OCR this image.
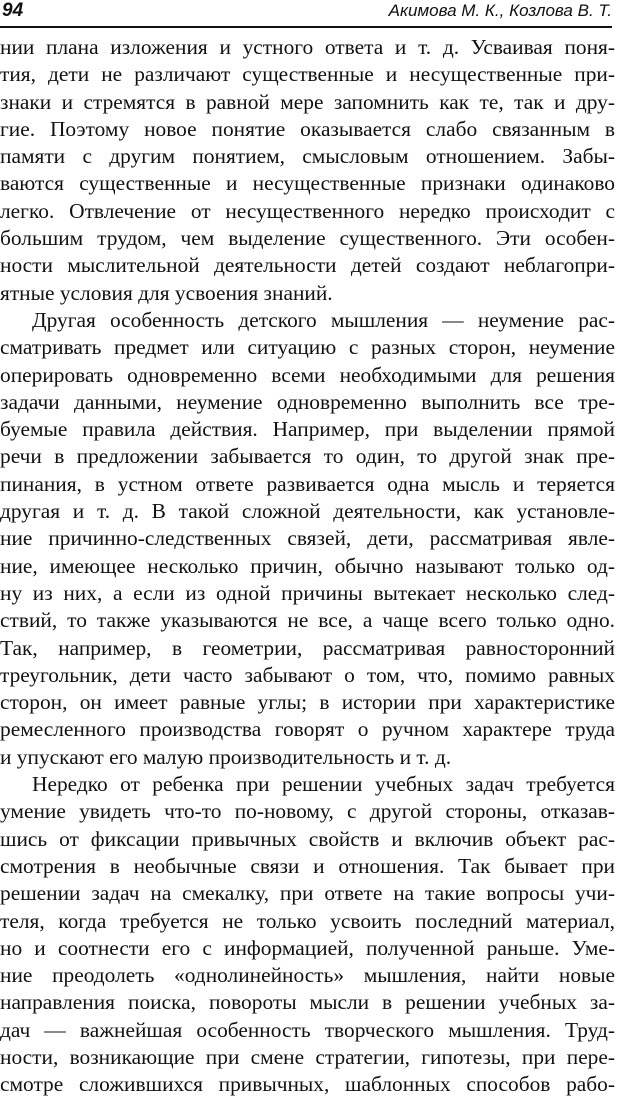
94	Акимова М. К., Козлова В. Т.
нии плана изложения и устного ответа и т. д. Усваивая поня-
тия, дети не различают существенные и несущественные при-
знаки и стремятся в равной мере запомнить как те, так и дру-
гие. Поэтому новое понятие оказывается слабо связанным в
памяти с другим понятием, смысловым отношением. Забы-
ваются существенные и несущественные признаки одинаково
легко. Отвлечение от несущественного нередко происходит с
большим трудом, чем выделение существенного. Эти особен-
ности мыслительной деятельности детей создают неблагопри-
ятные условия для усвоения знаний.
Другая особенность детского мышления — неумение рас-
сматривать предмет или ситуацию с разных сторон, неумение
оперировать одновременно всеми необходимыми для решения
задачи данными, неумение одновременно выполнить все тре-
буемые правила действия. Например, при выделении прямой
речи в предложении забывается то один, то другой знак пре-
пинания, в устном ответе развивается одна мысль и теряется
другая и т. д. В такой сложной деятельности, как установле-
ние причинно-следственных связей, дети, рассматривая явле-
ние, имеющее несколько причин, обычно называют только од-
ну из них, а если из одной причины вытекает несколько след-
ствий, то также указываются не все, а чаще всего только одно.
Так, например, в геометрии, рассматривая равносторонний
треугольник, дети часто забывают о том, что, помимо равных
сторон, он имеет равные углы; в истории при характеристике
ремесленного производства говорят о ручном характере труда
и упускают его малую производительность и т. д.
Нередко от ребенка при решении учебных задач требуется
умение увидеть что-то по-новому, с другой стороны, отказав-
шись от фиксации привычных свойств и включив объект рас-
смотрения в необычные связи и отношения. Так бывает при
решении задач на смекалку, при ответе на такие вопросы учи-
теля, когда требуется не только усвоить последний материал,
но и соотнести его с информацией, полученной раньше. Уме-
ние преодолеть «однолинейность» мышления, найти новые
направления поиска, повороты мысли в решении учебных за-
дач — важнейшая особенность творческого мышления. Труд-
ности, возникающие при смене стратегии, гипотезы, при пере-
смотре сложившихся привычных, шаблонных способов рабо-
